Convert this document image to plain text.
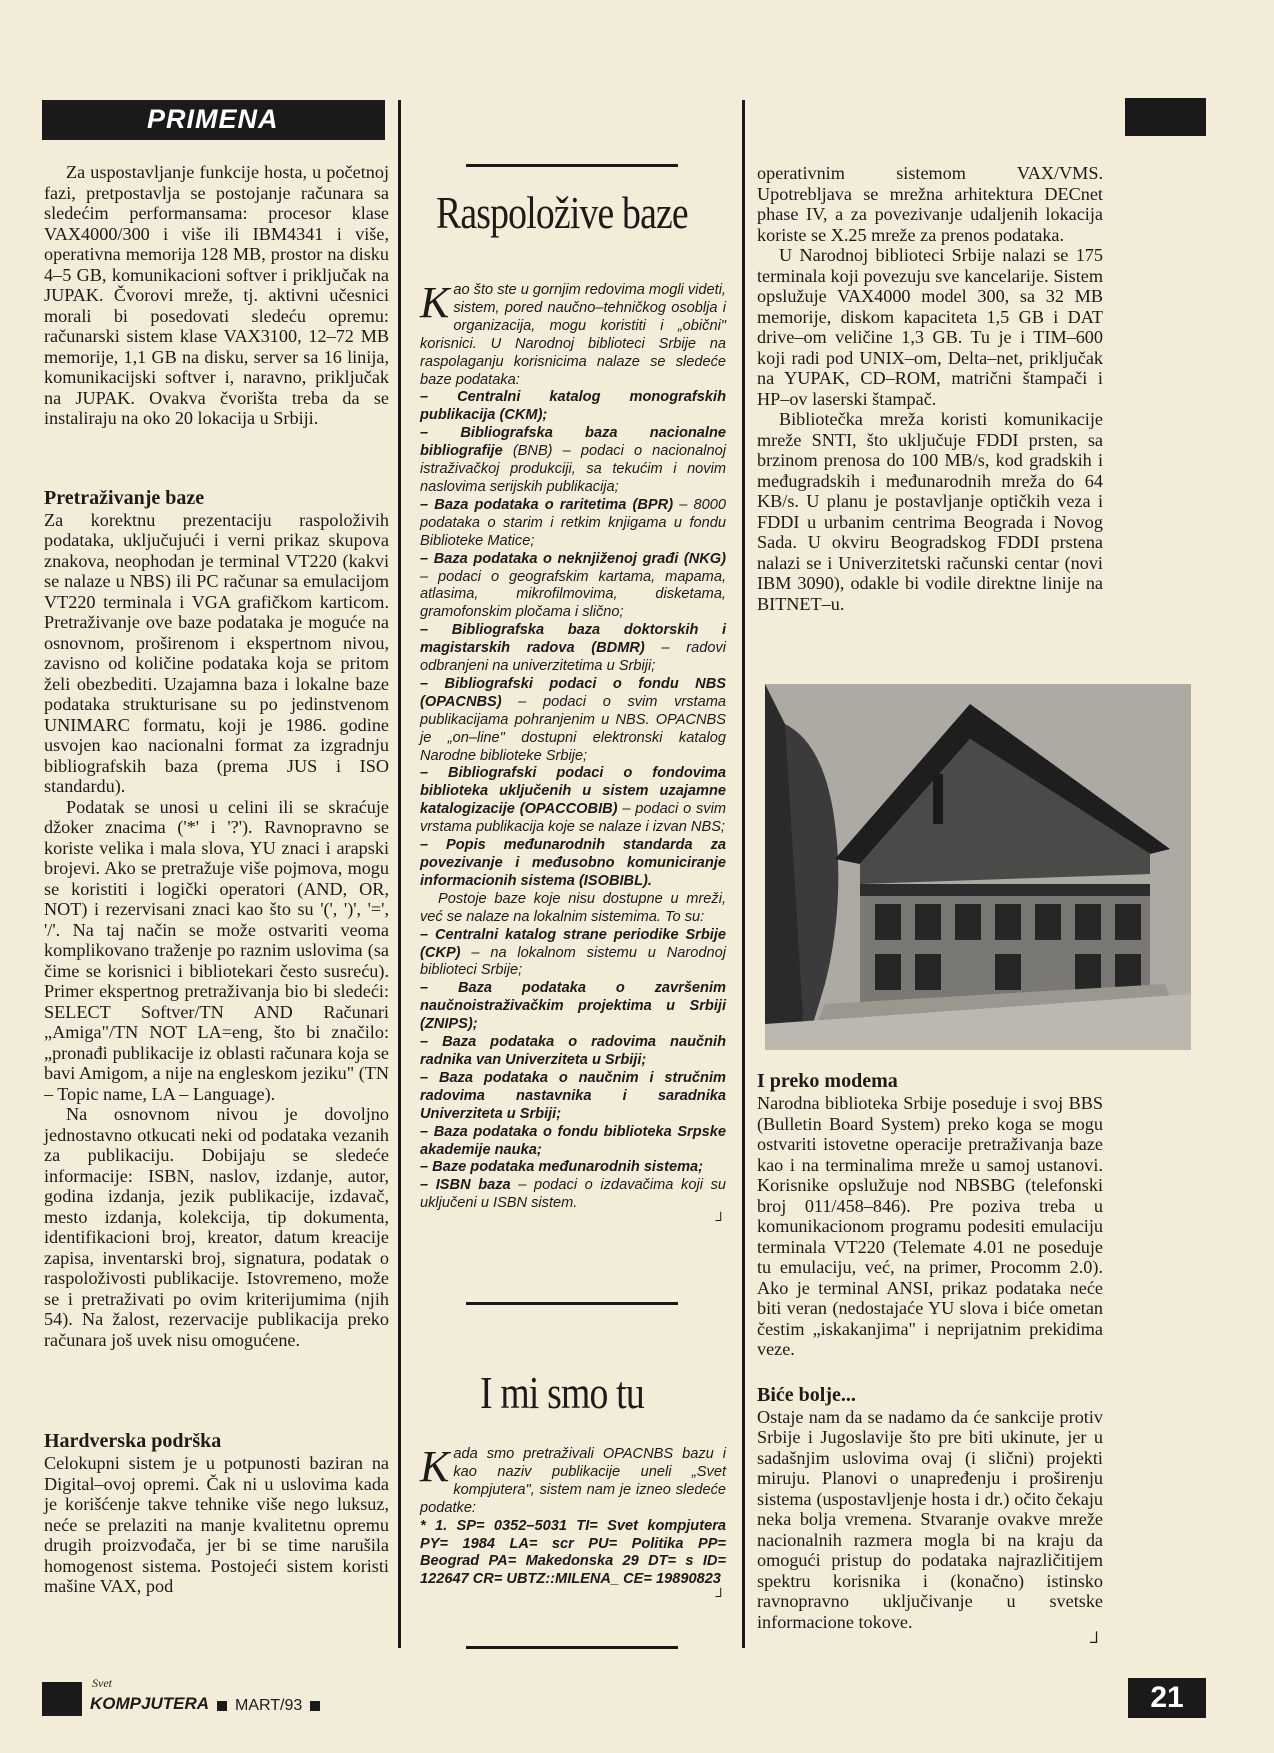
PRIMENA

Za uspostavljanje funkcije hosta, u početnoj fazi, pretpostavlja se postojanje računara sa sledećim performansama: procesor klase VAX4000/300 i više ili IBM4341 i više, operativna memorija 128 MB, prostor na disku 4–5 GB, komunikacioni softver i priključak na JUPAK. Čvorovi mreže, tj. aktivni učesnici morali bi posedovati sledeću opremu: računarski sistem klase VAX3100, 12–72 MB memorije, 1,1 GB na disku, server sa 16 linija, komunikacijski softver i, naravno, priključak na JUPAK. Ovakva čvorišta treba da se instaliraju na oko 20 lokacija u Srbiji.

Pretraživanje baze

Za korektnu prezentaciju raspoloživih podataka, uključujući i verni prikaz skupova znakova, neophodan je terminal VT220 (kakvi se nalaze u NBS) ili PC računar sa emulacijom VT220 terminala i VGA grafičkom karticom. Pretraživanje ove baze podataka je moguće na osnovnom, proširenom i ekspertnom nivou, zavisno od količine podataka koja se pritom želi obezbediti. Uzajamna baza i lokalne baze podataka strukturisane su po jedinstvenom UNIMARC formatu, koji je 1986. godine usvojen kao nacionalni format za izgradnju bibliografskih baza (prema JUS i ISO standardu).

Podatak se unosi u celini ili se skraćuje džoker znacima ('*' i '?'). Ravnopravno se koriste velika i mala slova, YU znaci i arapski brojevi. Ako se pretražuje više pojmova, mogu se koristiti i logički operatori (AND, OR, NOT) i rezervisani znaci kao što su '(', ')', '=', '/'. Na taj način se može ostvariti veoma komplikovano traženje po raznim uslovima (sa čime se korisnici i bibliotekari često susreću). Primer ekspertnog pretraživanja bio bi sledeći: SELECT Softver/TN AND Računari „Amiga"/TN NOT LA=eng, što bi značilo: „pronađi publikacije iz oblasti računara koja se bavi Amigom, a nije na engleskom jeziku" (TN – Topic name, LA – Language).

Na osnovnom nivou je dovoljno jednostavno otkucati neki od podataka vezanih za publikaciju. Dobijaju se sledeće informacije: ISBN, naslov, izdanje, autor, godina izdanja, jezik publikacije, izdavač, mesto izdanja, kolekcija, tip dokumenta, identifikacioni broj, kreator, datum kreacije zapisa, inventarski broj, signatura, podatak o raspoloživosti publikacije. Istovremeno, može se i pretraživati po ovim kriterijumima (njih 54). Na žalost, rezervacije publikacija preko računara još uvek nisu omogućene.

Hardverska podrška

Celokupni sistem je u potpunosti baziran na Digital–ovoj opremi. Čak ni u uslovima kada je korišćenje takve tehnike više nego luksuz, neće se prelaziti na manje kvalitetnu opremu drugih proizvođača, jer bi se time narušila homogenost sistema. Postojeći sistem koristi mašine VAX, pod

Raspoložive baze

Kao što ste u gornjim redovima mogli videti, sistem, pored naučno–tehničkog osoblja i organizacija, mogu koristiti i „obični" korisnici. U Narodnoj biblioteci Srbije na raspolaganju korisnicima nalaze se sledeće baze podataka:

– Centralni katalog monografskih publikacija (CKM);

– Bibliografska baza nacionalne bibliografije (BNB) – podaci o nacionalnoj istraživačkoj produkciji, sa tekućim i novim naslovima serijskih publikacija;

– Baza podataka o raritetima (BPR) – 8000 podataka o starim i retkim knjigama u fondu Biblioteke Matice;

– Baza podataka o neknjiženoj građi (NKG) – podaci o geografskim kartama, mapama, atlasima, mikrofilmovima, disketama, gramofonskim pločama i slično;

– Bibliografska baza doktorskih i magistarskih radova (BDMR) – radovi odbranjeni na univerzitetima u Srbiji;

– Bibliografski podaci o fondu NBS (OPACNBS) – podaci o svim vrstama publikacijama pohranjenim u NBS. OPACNBS je „on–line" dostupni elektronski katalog Narodne biblioteke Srbije;

– Bibliografski podaci o fondovima biblioteka uključenih u sistem uzajamne katalogizacije (OPACCOBIB) – podaci o svim vrstama publikacija koje se nalaze i izvan NBS;

– Popis međunarodnih standarda za povezivanje i međusobno komuniciranje informacionih sistema (ISOBIBL).

Postoje baze koje nisu dostupne u mreži, već se nalaze na lokalnim sistemima. To su:

– Centralni katalog strane periodike Srbije (CKP) – na lokalnom sistemu u Narodnoj biblioteci Srbije;

– Baza podataka o završenim naučnoistraživačkim projektima u Srbiji (ZNIPS);

– Baza podataka o radovima naučnih radnika van Univerziteta u Srbiji;

– Baza podataka o naučnim i stručnim radovima nastavnika i saradnika Univerziteta u Srbiji;

– Baza podataka o fondu biblioteka Srpske akademije nauka;

– Baze podataka međunarodnih sistema;

– ISBN baza – podaci o izdavačima koji su uključeni u ISBN sistem.

┘
I mi smo tu

Kada smo pretraživali OPACNBS bazu i kao naziv publikacije uneli „Svet kompjutera", sistem nam je izneo sledeće podatke:

* 1. SP= 0352–5031 TI= Svet kompjutera PY= 1984 LA= scr PU= Politika PP= Beograd PA= Makedonska 29 DT= s ID= 122647 CR= UBTZ::MILENA_ CE= 19890823
┘

operativnim sistemom VAX/VMS. Upotrebljava se mrežna arhitektura DECnet phase IV, a za povezivanje udaljenih lokacija koriste se X.25 mreže za prenos podataka.

U Narodnoj biblioteci Srbije nalazi se 175 terminala koji povezuju sve kancelarije. Sistem opslužuje VAX4000 model 300, sa 32 MB memorije, diskom kapaciteta 1,5 GB i DAT drive–om veličine 1,3 GB. Tu je i TIM–600 koji radi pod UNIX–om, Delta–net, priključak na YUPAK, CD–ROM, matrični štampači i HP–ov laserski štampač.

Bibliotečka mreža koristi komunikacije mreže SNTI, što uključuje FDDI prsten, sa brzinom prenosa do 100 MB/s, kod gradskih i međugradskih i međunarodnih mreža do 64 KB/s. U planu je postavljanje optičkih veza i FDDI u urbanim centrima Beograda i Novog Sada. U okviru Beogradskog FDDI prstena nalazi se i Univerzitetski računski centar (novi IBM 3090), odakle bi vodile direktne linije na BITNET–u.

I preko modema

Narodna biblioteka Srbije poseduje i svoj BBS (Bulletin Board System) preko koga se mogu ostvariti istovetne operacije pretraživanja baze kao i na terminalima mreže u samoj ustanovi. Korisnike opslužuje nod NBSBG (telefonski broj 011/458–846). Pre poziva treba u komunikacionom programu podesiti emulaciju terminala VT220 (Telemate 4.01 ne poseduje tu emulaciju, već, na primer, Procomm 2.0). Ako je terminal ANSI, prikaz podataka neće biti veran (nedostajaće YU slova i biće ometan čestim „iskakanjima" i neprijatnim prekidima veze.

Biće bolje...

Ostaje nam da se nadamo da će sankcije protiv Srbije i Jugoslavije što pre biti ukinute, jer u sadašnjim uslovima ovaj (i slični) projekti miruju. Planovi o unapređenju i proširenju sistema (uspostavljenje hosta i dr.) očito čekaju neka bolja vremena. Stvaranje ovakve mreže nacionalnih razmera mogla bi na kraju da omogući pristup do podataka najrazličitijem spektru korisnika i (konačno) istinsko ravnopravno uključivanje u svetske informacione tokove.

┘
Svet
KOMPJUTERA MART/93	21
